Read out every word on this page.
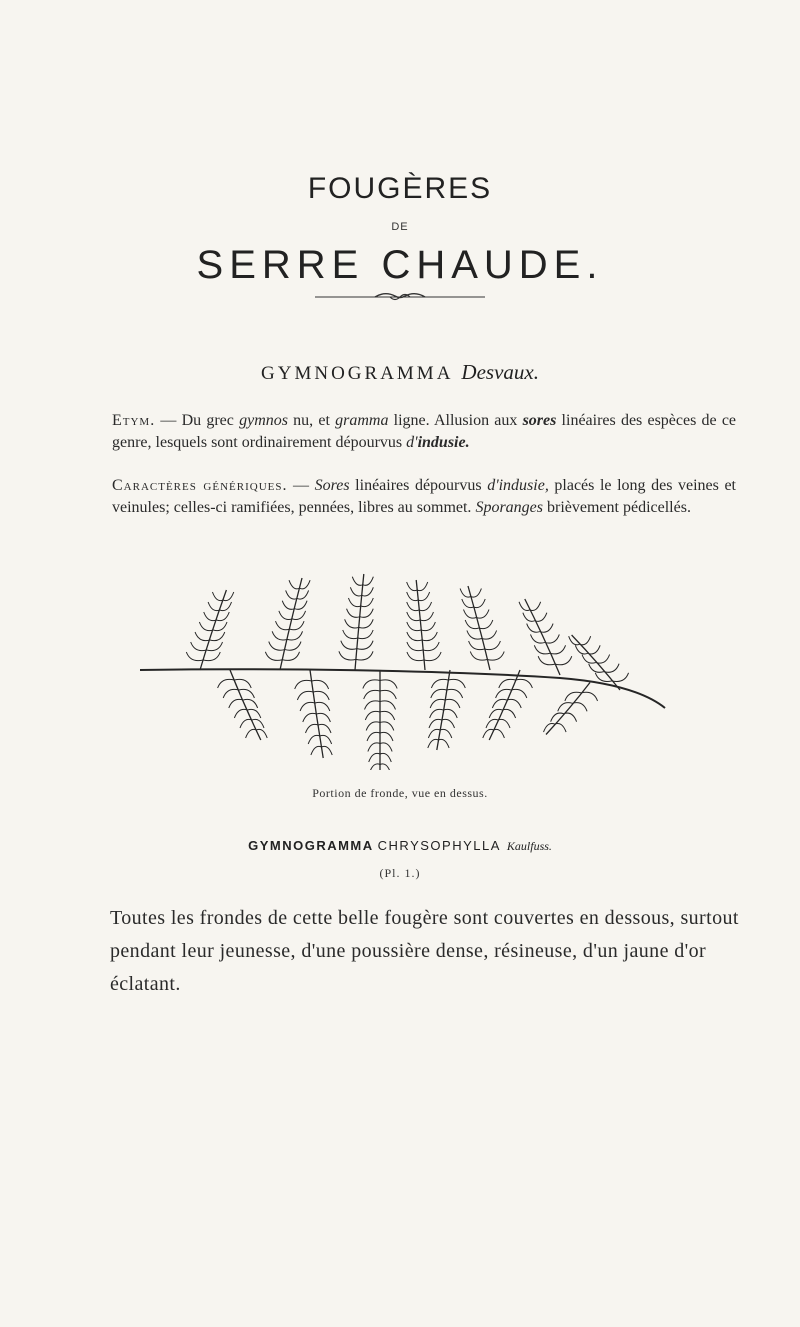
FOUGÈRES
DE
SERRE CHAUDE.
GYMNOGRAMMA Desvaux.

Etym. — Du grec gymnos nu, et gramma ligne. Allusion aux sores linéaires des espèces de ce genre, lesquels sont ordinairement dépourvus d'indusie.

Caractères génériques. — Sores linéaires dépourvus d'indusie, placés le long des veines et veinules; celles-ci ramifiées, pennées, libres au sommet. Sporanges brièvement pédicellés.

Portion de fronde, vue en dessus.
GYMNOGRAMMA CHRYSOPHYLLA Kaulfuss.
(Pl. 1.)
Toutes les frondes de cette belle fougère sont couvertes en dessous, surtout pendant leur jeunesse, d'une poussière dense, résineuse, d'un jaune d'or éclatant.
